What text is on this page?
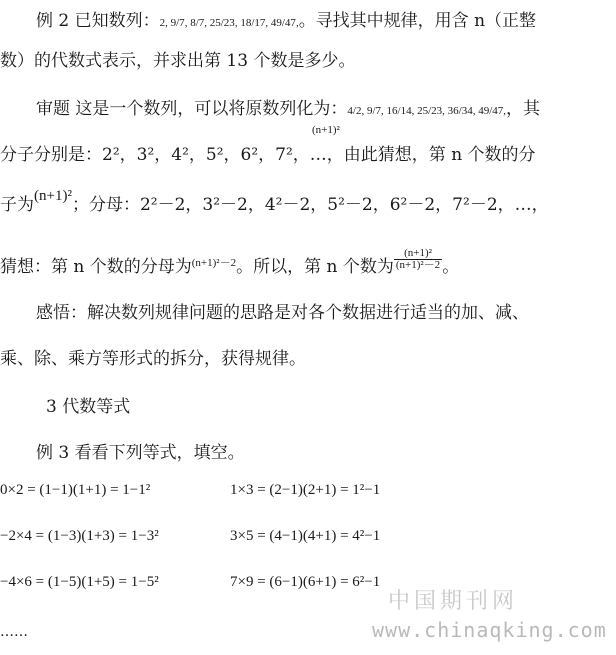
例 2 已知数列：2, 9/7, 8/7, 25/23, 18/17, 49/47,。寻找其中规律，用含 n（正整
数）的代数式表示，并求出第 13 个数是多少。
审题 这是一个数列，可以将原数列化为：4/2, 9/7, 16/14, 25/23, 36/34, 49/47,，其
分子分别是：2²，3²，4²，5²，6²，7²，…，由此猜想，第 n 个数的分
(n+1)²
子为(n+1)²；分母：2²－2，3²－2，4²－2，5²－2，6²－2，7²－2，…，
猜想：第 n 个数的分母为$^{(n+1)^2-2}$。所以，第 n 个数为 $\frac{\text{(n+1)²}}{\text{(n+1)²－2}}$ 。
感悟：解决数列规律问题的思路是对各个数据进行适当的加、减、
乘、除、乘方等形式的拆分，获得规律。
3 代数等式
例 3 看看下列等式，填空。
0×2 = (1−1)(1+1) = 1−1²	1×3 = (2−1)(2+1) = 1²−1
−2×4 = (1−3)(1+3) = 1−3²	3×5 = (4−1)(4+1) = 4²−1
−4×6 = (1−5)(1+5) = 1−5²	7×9 = (6−1)(6+1) = 6²−1
……
中国期刊网
www.chinaqking.com
